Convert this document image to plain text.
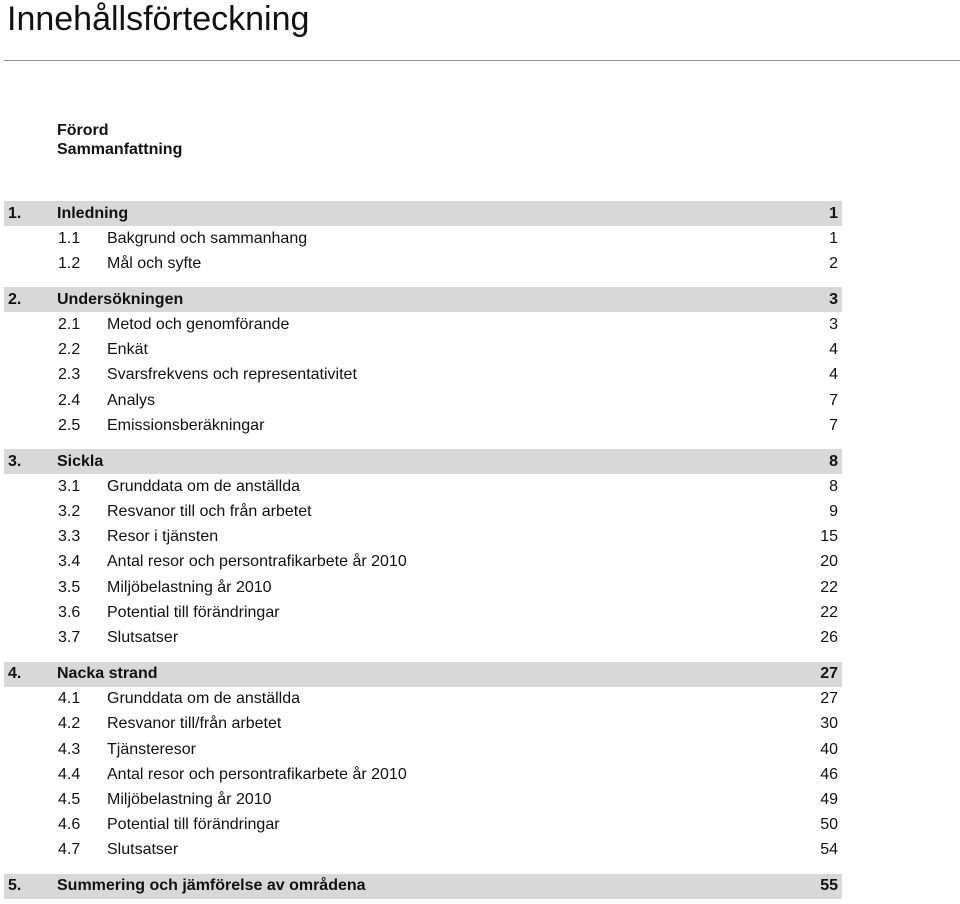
Innehållsförteckning
Förord
Sammanfattning
1. Inledning	1
1.1 Bakgrund och sammanhang	1
1.2 Mål och syfte	2
2. Undersökningen	3
2.1 Metod och genomförande	3
2.2 Enkät	4
2.3 Svarsfrekvens och representativitet	4
2.4 Analys	7
2.5 Emissionsberäkningar	7
3. Sickla	8
3.1 Grunddata om de anställda	8
3.2 Resvanor till och från arbetet	9
3.3 Resor i tjänsten	15
3.4 Antal resor och persontrafikarbete år 2010	20
3.5 Miljöbelastning år 2010	22
3.6 Potential till förändringar	22
3.7 Slutsatser	26
4. Nacka strand	27
4.1 Grunddata om de anställda	27
4.2 Resvanor till/från arbetet	30
4.3 Tjänsteresor	40
4.4 Antal resor och persontrafikarbete år 2010	46
4.5 Miljöbelastning år 2010	49
4.6 Potential till förändringar	50
4.7 Slutsatser	54
5. Summering och jämförelse av områdena	55
